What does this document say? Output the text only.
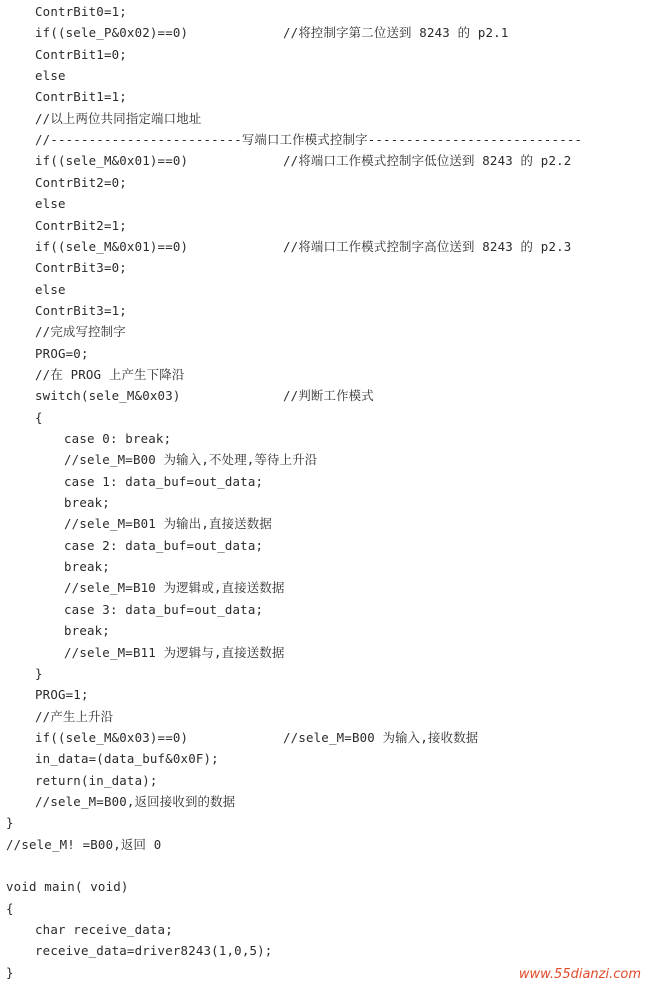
ContrBit0=1;
if((sele_P&0x02)==0)	//将控制字第二位送到 8243 的 p2.1
ContrBit1=0;
else
ContrBit1=1;
//以上两位共同指定端口地址
//-------------------------写端口工作模式控制字----------------------------
if((sele_M&0x01)==0)	//将端口工作模式控制字低位送到 8243 的 p2.2
ContrBit2=0;
else
ContrBit2=1;
if((sele_M&0x01)==0)	//将端口工作模式控制字高位送到 8243 的 p2.3
ContrBit3=0;
else
ContrBit3=1;
//完成写控制字
PROG=0;
//在 PROG 上产生下降沿
switch(sele_M&0x03)	//判断工作模式
{
case 0: break;
//sele_M=B00 为输入,不处理,等待上升沿
case 1: data_buf=out_data;
break;
//sele_M=B01 为输出,直接送数据
case 2: data_buf=out_data;
break;
//sele_M=B10 为逻辑或,直接送数据
case 3: data_buf=out_data;
break;
//sele_M=B11 为逻辑与,直接送数据
}
PROG=1;
//产生上升沿
if((sele_M&0x03)==0)	//sele_M=B00 为输入,接收数据
in_data=(data_buf&0x0F);
return(in_data);
//sele_M=B00,返回接收到的数据
}
//sele_M! =B00,返回 0
void main( void)
{
char receive_data;
receive_data=driver8243(1,0,5);
}	www.55dianzi.com
